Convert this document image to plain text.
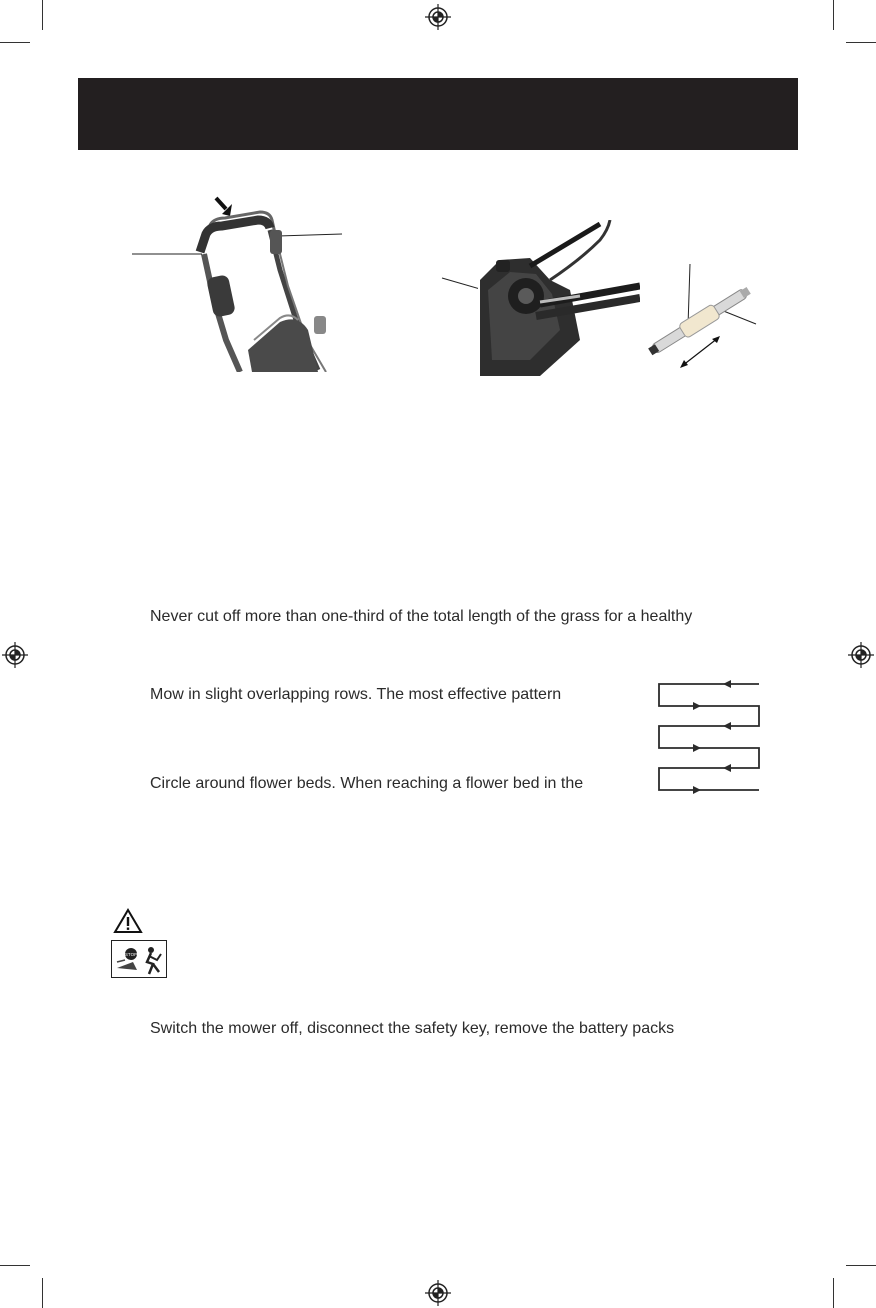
Never cut off more than one-third of the total length of the grass for a healthy
Mow in slight overlapping rows. The most effective pattern
Circle around flower beds. When reaching a flower bed in the
STOP
Switch the mower off, disconnect the safety key, remove the battery packs
